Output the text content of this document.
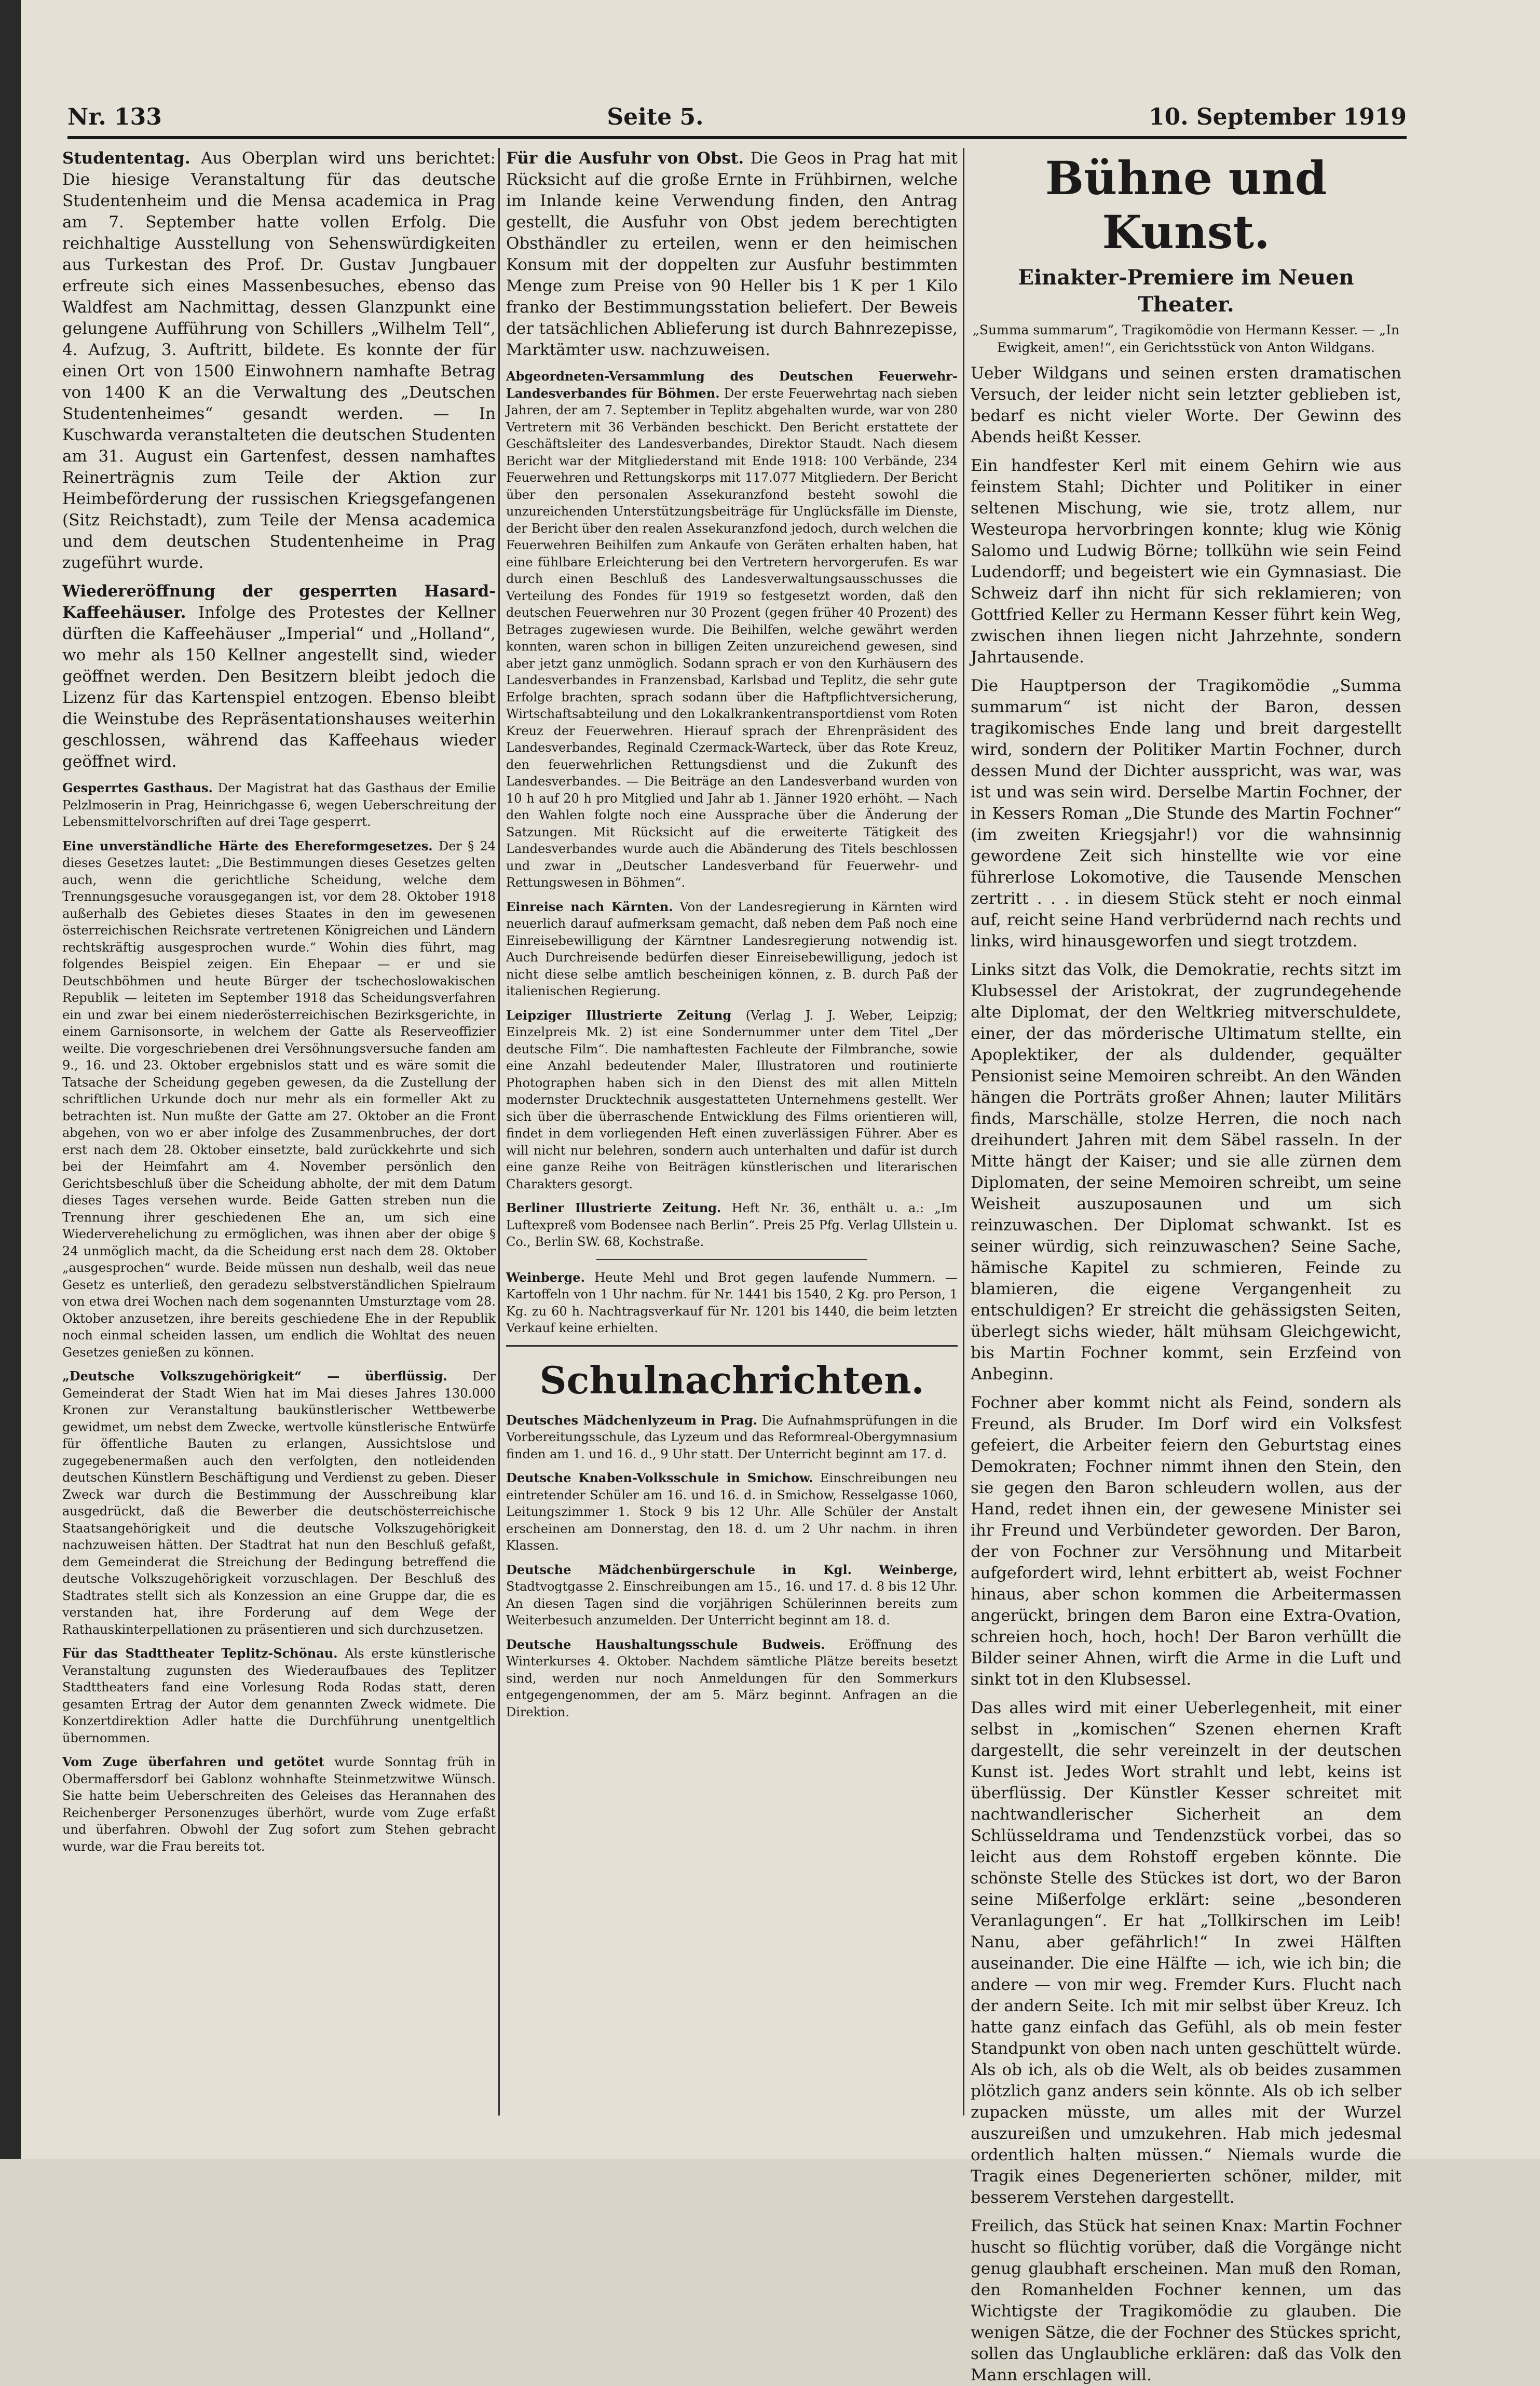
Nr. 133	Seite 5.	10. September 1919

Studententag. Aus Oberplan wird uns berichtet: Die hiesige Veranstaltung für das deutsche Studentenheim und die Mensa academica in Prag am 7. September hatte vollen Erfolg. Die reichhaltige Ausstellung von Sehenswürdigkeiten aus Turkestan des Prof. Dr. Gustav Jungbauer erfreute sich eines Massenbesuches, ebenso das Waldfest am Nachmittag, dessen Glanzpunkt eine gelungene Aufführung von Schillers „Wilhelm Tell“, 4. Aufzug, 3. Auftritt, bildete. Es konnte der für einen Ort von 1500 Einwohnern namhafte Betrag von 1400 K an die Verwaltung des „Deutschen Studentenheimes“ gesandt werden. — In Kuschwarda veranstalteten die deutschen Studenten am 31. August ein Gartenfest, dessen namhaftes Reinerträgnis zum Teile der Aktion zur Heimbeförderung der russischen Kriegsgefangenen (Sitz Reichstadt), zum Teile der Mensa academica und dem deutschen Studentenheime in Prag zugeführt wurde.

Wiedereröffnung der gesperrten Hasard-Kaffeehäuser. Infolge des Protestes der Kellner dürften die Kaffeehäuser „Imperial“ und „Holland“, wo mehr als 150 Kellner angestellt sind, wieder geöffnet werden. Den Besitzern bleibt jedoch die Lizenz für das Kartenspiel entzogen. Ebenso bleibt die Weinstube des Repräsentationshauses weiterhin geschlossen, während das Kaffeehaus wieder geöffnet wird.

Gesperrtes Gasthaus. Der Magistrat hat das Gasthaus der Emilie Pelzlmoserin in Prag, Heinrichgasse 6, wegen Ueberschreitung der Lebensmittelvorschriften auf drei Tage gesperrt.

Eine unverständliche Härte des Ehereformgesetzes. Der § 24 dieses Gesetzes lautet: „Die Bestimmungen dieses Gesetzes gelten auch, wenn die gerichtliche Scheidung, welche dem Trennungsgesuche vorausgegangen ist, vor dem 28. Oktober 1918 außerhalb des Gebietes dieses Staates in den im gewesenen österreichischen Reichsrate vertretenen Königreichen und Ländern rechtskräftig ausgesprochen wurde.“ Wohin dies führt, mag folgendes Beispiel zeigen. Ein Ehepaar — er und sie Deutschböhmen und heute Bürger der tschechoslowakischen Republik — leiteten im September 1918 das Scheidungsverfahren ein und zwar bei einem niederösterreichischen Bezirksgerichte, in einem Garnisonsorte, in welchem der Gatte als Reserveoffizier weilte. Die vorgeschriebenen drei Versöhnungsversuche fanden am 9., 16. und 23. Oktober ergebnislos statt und es wäre somit die Tatsache der Scheidung gegeben gewesen, da die Zustellung der schriftlichen Urkunde doch nur mehr als ein formeller Akt zu betrachten ist. Nun mußte der Gatte am 27. Oktober an die Front abgehen, von wo er aber infolge des Zusammenbruches, der dort erst nach dem 28. Oktober einsetzte, bald zurückkehrte und sich bei der Heimfahrt am 4. November persönlich den Gerichtsbeschluß über die Scheidung abholte, der mit dem Datum dieses Tages versehen wurde. Beide Gatten streben nun die Trennung ihrer geschiedenen Ehe an, um sich eine Wiederverehelichung zu ermöglichen, was ihnen aber der obige § 24 unmöglich macht, da die Scheidung erst nach dem 28. Oktober „ausgesprochen“ wurde. Beide müssen nun deshalb, weil das neue Gesetz es unterließ, den geradezu selbstverständlichen Spielraum von etwa drei Wochen nach dem sogenannten Umsturztage vom 28. Oktober anzusetzen, ihre bereits geschiedene Ehe in der Republik noch einmal scheiden lassen, um endlich die Wohltat des neuen Gesetzes genießen zu können.

„Deutsche Volkszugehörigkeit“ — überflüssig. Der Gemeinderat der Stadt Wien hat im Mai dieses Jahres 130.000 Kronen zur Veranstaltung baukünstlerischer Wettbewerbe gewidmet, um nebst dem Zwecke, wertvolle künstlerische Entwürfe für öffentliche Bauten zu erlangen, Aussichtslose und zugegebenermaßen auch den verfolgten, den notleidenden deutschen Künstlern Beschäftigung und Verdienst zu geben. Dieser Zweck war durch die Bestimmung der Ausschreibung klar ausgedrückt, daß die Bewerber die deutschösterreichische Staatsangehörigkeit und die deutsche Volkszugehörigkeit nachzuweisen hätten. Der Stadtrat hat nun den Beschluß gefaßt, dem Gemeinderat die Streichung der Bedingung betreffend die deutsche Volkszugehörigkeit vorzuschlagen. Der Beschluß des Stadtrates stellt sich als Konzession an eine Gruppe dar, die es verstanden hat, ihre Forderung auf dem Wege der Rathauskinterpellationen zu präsentieren und sich durchzusetzen.

Für das Stadttheater Teplitz-Schönau. Als erste künstlerische Veranstaltung zugunsten des Wiederaufbaues des Teplitzer Stadttheaters fand eine Vorlesung Roda Rodas statt, deren gesamten Ertrag der Autor dem genannten Zweck widmete. Die Konzertdirektion Adler hatte die Durchführung unentgeltlich übernommen.

Vom Zuge überfahren und getötet wurde Sonntag früh in Obermaffersdorf bei Gablonz wohnhafte Steinmetzwitwe Wünsch. Sie hatte beim Ueberschreiten des Geleises das Herannahen des Reichenberger Personenzuges überhört, wurde vom Zuge erfaßt und überfahren. Obwohl der Zug sofort zum Stehen gebracht wurde, war die Frau bereits tot.

Für die Ausfuhr von Obst. Die Geos in Prag hat mit Rücksicht auf die große Ernte in Frühbirnen, welche im Inlande keine Verwendung finden, den Antrag gestellt, die Ausfuhr von Obst jedem berechtigten Obsthändler zu erteilen, wenn er den heimischen Konsum mit der doppelten zur Ausfuhr bestimmten Menge zum Preise von 90 Heller bis 1 K per 1 Kilo franko der Bestimmungsstation beliefert. Der Beweis der tatsächlichen Ablieferung ist durch Bahnrezepisse, Marktämter usw. nachzuweisen.

Abgeordneten-Versammlung des Deutschen Feuerwehr-Landesverbandes für Böhmen. Der erste Feuerwehrtag nach sieben Jahren, der am 7. September in Teplitz abgehalten wurde, war von 280 Vertretern mit 36 Verbänden beschickt. Den Bericht erstattete der Geschäftsleiter des Landesverbandes, Direktor Staudt. Nach diesem Bericht war der Mitgliederstand mit Ende 1918: 100 Verbände, 234 Feuerwehren und Rettungskorps mit 117.077 Mitgliedern. Der Bericht über den personalen Assekuranzfond besteht sowohl die unzureichenden Unterstützungsbeiträge für Unglücksfälle im Dienste, der Bericht über den realen Assekuranzfond jedoch, durch welchen die Feuerwehren Beihilfen zum Ankaufe von Geräten erhalten haben, hat eine fühlbare Erleichterung bei den Vertretern hervorgerufen. Es war durch einen Beschluß des Landesverwaltungsausschusses die Verteilung des Fondes für 1919 so festgesetzt worden, daß den deutschen Feuerwehren nur 30 Prozent (gegen früher 40 Prozent) des Betrages zugewiesen wurde. Die Beihilfen, welche gewährt werden konnten, waren schon in billigen Zeiten unzureichend gewesen, sind aber jetzt ganz unmöglich. Sodann sprach er von den Kurhäusern des Landesverbandes in Franzensbad, Karlsbad und Teplitz, die sehr gute Erfolge brachten, sprach sodann über die Haftpflichtversicherung, Wirtschaftsabteilung und den Lokalkrankentransportdienst vom Roten Kreuz der Feuerwehren. Hierauf sprach der Ehrenpräsident des Landesverbandes, Reginald Czermack-Warteck, über das Rote Kreuz, den feuerwehrlichen Rettungsdienst und die Zukunft des Landesverbandes. — Die Beiträge an den Landesverband wurden von 10 h auf 20 h pro Mitglied und Jahr ab 1. Jänner 1920 erhöht. — Nach den Wahlen folgte noch eine Aussprache über die Änderung der Satzungen. Mit Rücksicht auf die erweiterte Tätigkeit des Landesverbandes wurde auch die Abänderung des Titels beschlossen und zwar in „Deutscher Landesverband für Feuerwehr- und Rettungswesen in Böhmen“.

Einreise nach Kärnten. Von der Landesregierung in Kärnten wird neuerlich darauf aufmerksam gemacht, daß neben dem Paß noch eine Einreisebewilligung der Kärntner Landesregierung notwendig ist. Auch Durchreisende bedürfen dieser Einreisebewilligung, jedoch ist nicht diese selbe amtlich bescheinigen können, z. B. durch Paß der italienischen Regierung.

Leipziger Illustrierte Zeitung (Verlag J. J. Weber, Leipzig; Einzelpreis Mk. 2) ist eine Sondernummer unter dem Titel „Der deutsche Film“. Die namhaftesten Fachleute der Filmbranche, sowie eine Anzahl bedeutender Maler, Illustratoren und routinierte Photographen haben sich in den Dienst des mit allen Mitteln modernster Drucktechnik ausgestatteten Unternehmens gestellt. Wer sich über die überraschende Entwicklung des Films orientieren will, findet in dem vorliegenden Heft einen zuverlässigen Führer. Aber es will nicht nur belehren, sondern auch unterhalten und dafür ist durch eine ganze Reihe von Beiträgen künstlerischen und literarischen Charakters gesorgt.

Berliner Illustrierte Zeitung. Heft Nr. 36, enthält u. a.: „Im Luftexpreß vom Bodensee nach Berlin“. Preis 25 Pfg. Verlag Ullstein u. Co., Berlin SW. 68, Kochstraße.

Weinberge. Heute Mehl und Brot gegen laufende Nummern. — Kartoffeln von 1 Uhr nachm. für Nr. 1441 bis 1540, 2 Kg. pro Person, 1 Kg. zu 60 h. Nachtragsverkauf für Nr. 1201 bis 1440, die beim letzten Verkauf keine erhielten.

Schulnachrichten.

Deutsches Mädchenlyzeum in Prag. Die Aufnahmsprüfungen in die Vorbereitungsschule, das Lyzeum und das Reformreal-Obergymnasium finden am 1. und 16. d., 9 Uhr statt. Der Unterricht beginnt am 17. d.

Deutsche Knaben-Volksschule in Smichow. Einschreibungen neu eintretender Schüler am 16. und 16. d. in Smichow, Resselgasse 1060, Leitungszimmer 1. Stock 9 bis 12 Uhr. Alle Schüler der Anstalt erscheinen am Donnerstag, den 18. d. um 2 Uhr nachm. in ihren Klassen.

Deutsche Mädchenbürgerschule in Kgl. Weinberge, Stadtvogtgasse 2. Einschreibungen am 15., 16. und 17. d. 8 bis 12 Uhr. An diesen Tagen sind die vorjährigen Schülerinnen bereits zum Weiterbesuch anzumelden. Der Unterricht beginnt am 18. d.

Deutsche Haushaltungsschule Budweis. Eröffnung des Winterkurses 4. Oktober. Nachdem sämtliche Plätze bereits besetzt sind, werden nur noch Anmeldungen für den Sommerkurs entgegengenommen, der am 5. März beginnt. Anfragen an die Direktion.

Bühne und Kunst.
Einakter-Premiere im Neuen Theater.
„Summa summarum“, Tragikomödie von Hermann Kesser. — „In Ewigkeit, amen!“, ein Gerichtsstück von Anton Wildgans.

Ueber Wildgans und seinen ersten dramatischen Versuch, der leider nicht sein letzter geblieben ist, bedarf es nicht vieler Worte. Der Gewinn des Abends heißt Kesser.

Ein handfester Kerl mit einem Gehirn wie aus feinstem Stahl; Dichter und Politiker in einer seltenen Mischung, wie sie, trotz allem, nur Westeuropa hervorbringen konnte; klug wie König Salomo und Ludwig Börne; tollkühn wie sein Feind Ludendorff; und begeistert wie ein Gymnasiast. Die Schweiz darf ihn nicht für sich reklamieren; von Gottfried Keller zu Hermann Kesser führt kein Weg, zwischen ihnen liegen nicht Jahrzehnte, sondern Jahrtausende.

Die Hauptperson der Tragikomödie „Summa summarum“ ist nicht der Baron, dessen tragikomisches Ende lang und breit dargestellt wird, sondern der Politiker Martin Fochner, durch dessen Mund der Dichter ausspricht, was war, was ist und was sein wird. Derselbe Martin Fochner, der in Kessers Roman „Die Stunde des Martin Fochner“ (im zweiten Kriegsjahr!) vor die wahnsinnig gewordene Zeit sich hinstellte wie vor eine führerlose Lokomotive, die Tausende Menschen zertritt . . . in diesem Stück steht er noch einmal auf, reicht seine Hand verbrüdernd nach rechts und links, wird hinausgeworfen und siegt trotzdem.

Links sitzt das Volk, die Demokratie, rechts sitzt im Klubsessel der Aristokrat, der zugrundegehende alte Diplomat, der den Weltkrieg mitverschuldete, einer, der das mörderische Ultimatum stellte, ein Apoplektiker, der als duldender, gequälter Pensionist seine Memoiren schreibt. An den Wänden hängen die Porträts großer Ahnen; lauter Militärs finds, Marschälle, stolze Herren, die noch nach dreihundert Jahren mit dem Säbel rasseln. In der Mitte hängt der Kaiser; und sie alle zürnen dem Diplomaten, der seine Memoiren schreibt, um seine Weisheit auszuposaunen und um sich reinzuwaschen. Der Diplomat schwankt. Ist es seiner würdig, sich reinzuwaschen? Seine Sache, hämische Kapitel zu schmieren, Feinde zu blamieren, die eigene Vergangenheit zu entschuldigen? Er streicht die gehässigsten Seiten, überlegt sichs wieder, hält mühsam Gleichgewicht, bis Martin Fochner kommt, sein Erzfeind von Anbeginn.

Fochner aber kommt nicht als Feind, sondern als Freund, als Bruder. Im Dorf wird ein Volksfest gefeiert, die Arbeiter feiern den Geburtstag eines Demokraten; Fochner nimmt ihnen den Stein, den sie gegen den Baron schleudern wollen, aus der Hand, redet ihnen ein, der gewesene Minister sei ihr Freund und Verbündeter geworden. Der Baron, der von Fochner zur Versöhnung und Mitarbeit aufgefordert wird, lehnt erbittert ab, weist Fochner hinaus, aber schon kommen die Arbeitermassen angerückt, bringen dem Baron eine Extra-Ovation, schreien hoch, hoch, hoch! Der Baron verhüllt die Bilder seiner Ahnen, wirft die Arme in die Luft und sinkt tot in den Klubsessel.

Das alles wird mit einer Ueberlegenheit, mit einer selbst in „komischen“ Szenen ehernen Kraft dargestellt, die sehr vereinzelt in der deutschen Kunst ist. Jedes Wort strahlt und lebt, keins ist überflüssig. Der Künstler Kesser schreitet mit nachtwandlerischer Sicherheit an dem Schlüsseldrama und Tendenzstück vorbei, das so leicht aus dem Rohstoff ergeben könnte. Die schönste Stelle des Stückes ist dort, wo der Baron seine Mißerfolge erklärt: seine „besonderen Veranlagungen“. Er hat „Tollkirschen im Leib! Nanu, aber gefährlich!“ In zwei Hälften auseinander. Die eine Hälfte — ich, wie ich bin; die andere — von mir weg. Fremder Kurs. Flucht nach der andern Seite. Ich mit mir selbst über Kreuz. Ich hatte ganz einfach das Gefühl, als ob mein fester Standpunkt von oben nach unten geschüttelt würde. Als ob ich, als ob die Welt, als ob beides zusammen plötzlich ganz anders sein könnte. Als ob ich selber zupacken müsste, um alles mit der Wurzel auszureißen und umzukehren. Hab mich jedesmal ordentlich halten müssen.“ Niemals wurde die Tragik eines Degenerierten schöner, milder, mit besserem Verstehen dargestellt.

Freilich, das Stück hat seinen Knax: Martin Fochner huscht so flüchtig vorüber, daß die Vorgänge nicht genug glaubhaft erscheinen. Man muß den Roman, den Romanhelden Fochner kennen, um das Wichtigste der Tragikomödie zu glauben. Die wenigen Sätze, die der Fochner des Stückes spricht, sollen das Unglaubliche erklären: daß das Volk den Mann erschlagen will.
